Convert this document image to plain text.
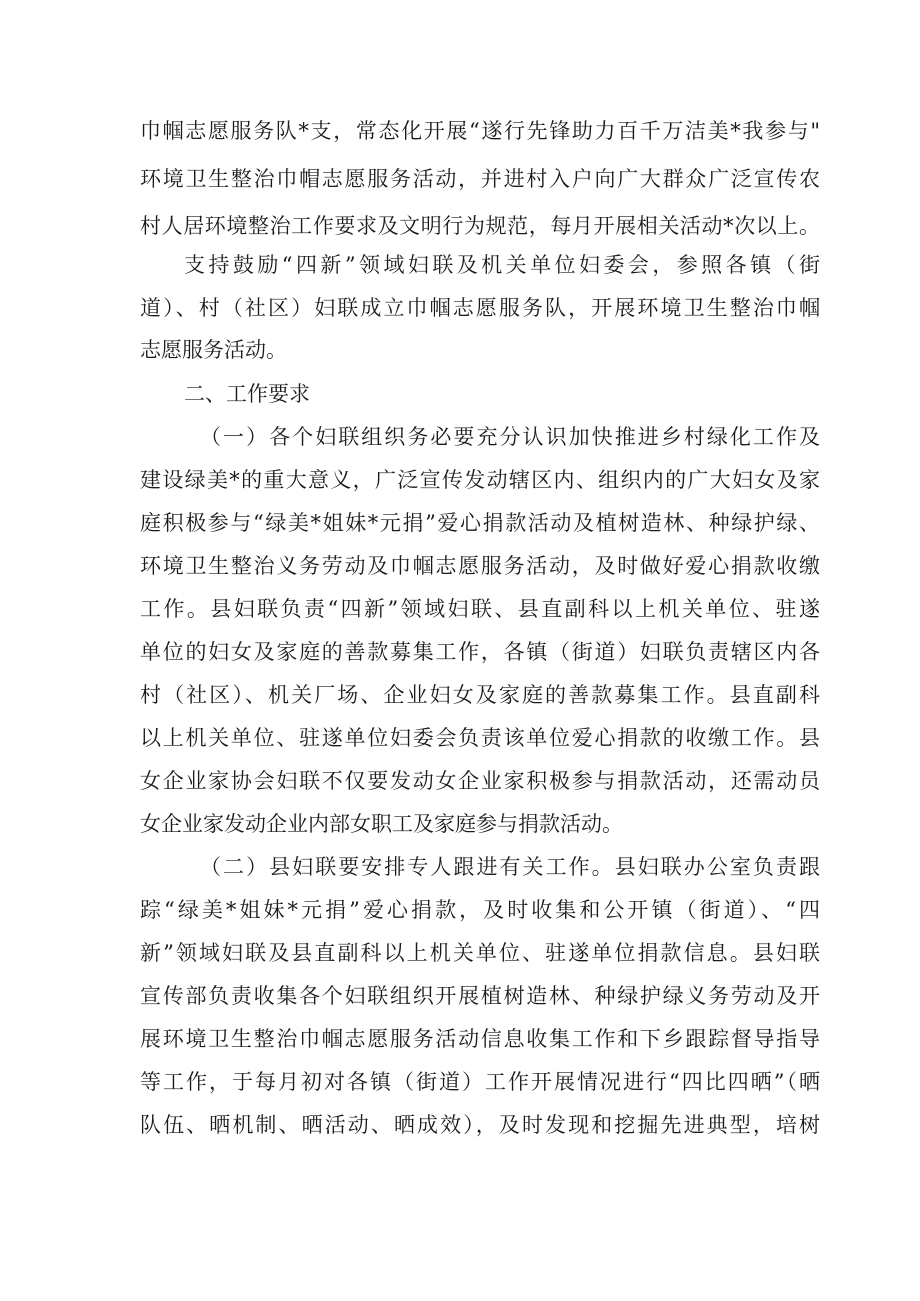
巾帼志愿服务队*支，常态化开展“遂行先锋助力百千万洁美*我参与"
环境卫生整治巾帽志愿服务活动，并进村入户向广大群众广泛宣传农
村人居环境整治工作要求及文明行为规范，每月开展相关活动*次以上。
支持鼓励“四新”领域妇联及机关单位妇委会，参照各镇（街
道）、村（社区）妇联成立巾帼志愿服务队，开展环境卫生整治巾帼
志愿服务活动。
二、工作要求
（一）各个妇联组织务必要充分认识加快推进乡村绿化工作及
建设绿美*的重大意义，广泛宣传发动辖区内、组织内的广大妇女及家
庭积极参与“绿美*姐妹*元捐”爱心捐款活动及植树造林、种绿护绿、
环境卫生整治义务劳动及巾帼志愿服务活动，及时做好爱心捐款收缴
工作。县妇联负责“四新”领域妇联、县直副科以上机关单位、驻遂
单位的妇女及家庭的善款募集工作，各镇（街道）妇联负责辖区内各
村（社区）、机关厂场、企业妇女及家庭的善款募集工作。县直副科
以上机关单位、驻遂单位妇委会负责该单位爱心捐款的收缴工作。县
女企业家协会妇联不仅要发动女企业家积极参与捐款活动，还需动员
女企业家发动企业内部女职工及家庭参与捐款活动。
（二）县妇联要安排专人跟进有关工作。县妇联办公室负责跟
踪“绿美*姐妹*元捐”爱心捐款，及时收集和公开镇（街道）、“四
新”领域妇联及县直副科以上机关单位、驻遂单位捐款信息。县妇联
宣传部负责收集各个妇联组织开展植树造林、种绿护绿义务劳动及开
展环境卫生整治巾帼志愿服务活动信息收集工作和下乡跟踪督导指导
等工作，于每月初对各镇（街道）工作开展情况进行“四比四晒”（晒
队伍、晒机制、晒活动、晒成效），及时发现和挖掘先进典型，培树
